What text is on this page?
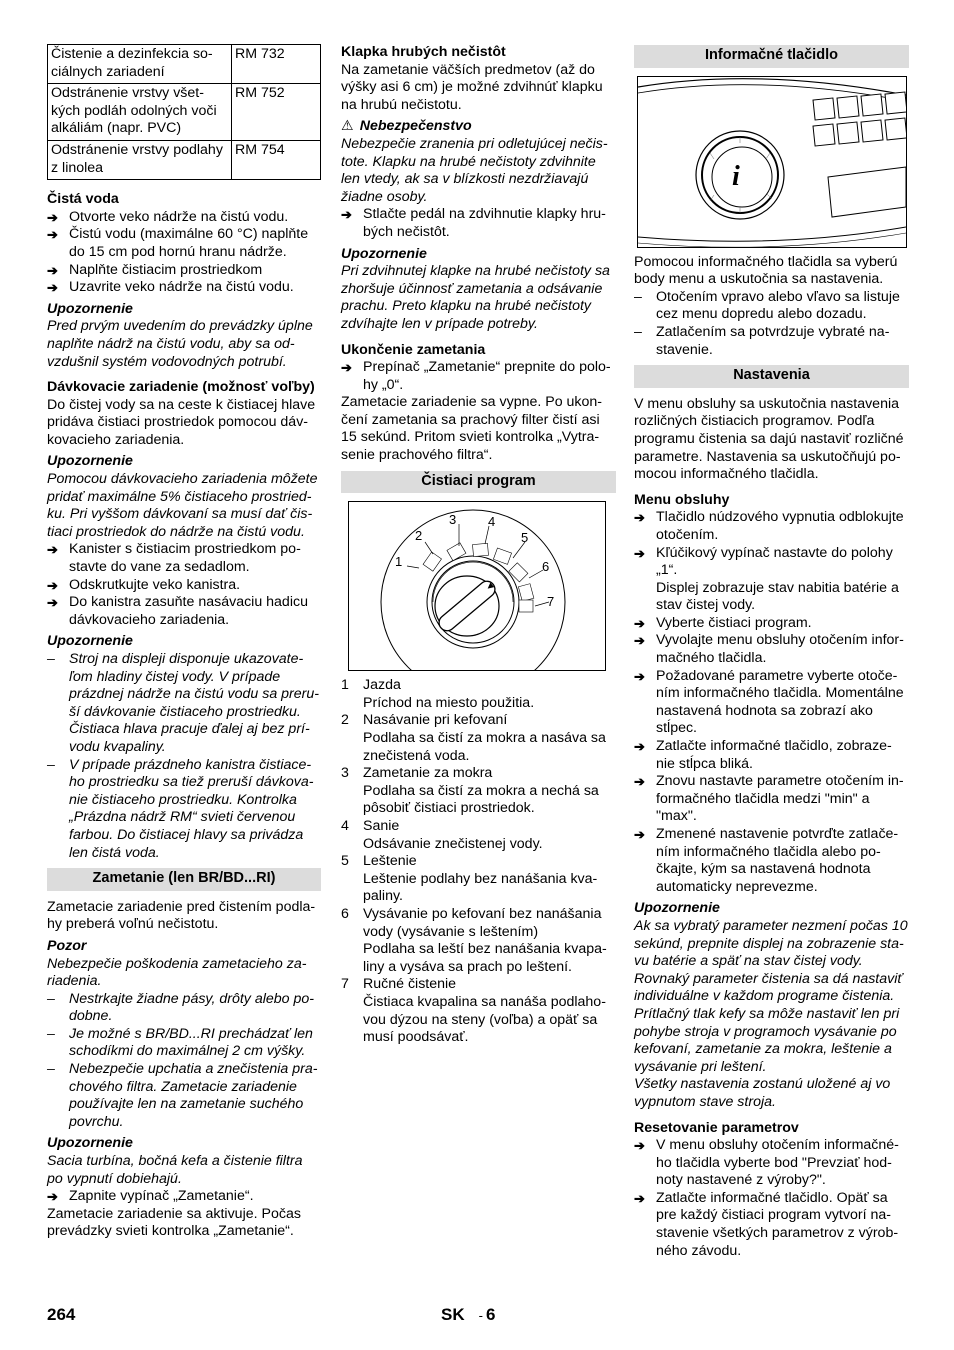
Čistenie a dezinfekcia so-
ciálnych zariadení	RM 732
Odstránenie vrstvy všet-
kých podláh odolných voči
alkáliám (napr. PVC)	RM 752
Odstránenie vrstvy podlahy
z linolea	RM 754
Čistá voda
➔ Otvorte veko nádrže na čistú vodu.
➔ Čistú vodu (maximálne 60 °C) naplňte
do 15 cm pod hornú hranu nádrže.
➔ Naplňte čistiacim prostriedkom
➔ Uzavrite veko nádrže na čistú vodu.
Upozornenie
Pred prvým uvedením do prevádzky úplne
naplňte nádrž na čistú vodu, aby sa od-
vzdušnil systém vodovodných potrubí.
Dávkovacie zariadenie (možnosť voľby)
Do čistej vody sa na ceste k čistiacej hlave
pridáva čistiaci prostriedok pomocou dáv-
kovacieho zariadenia.
Upozornenie
Pomocou dávkovacieho zariadenia môžete
pridať maximálne 5% čistiaceho prostried-
ku. Pri vyššom dávkovaní sa musí dať čis-
tiaci prostriedok do nádrže na čistú vodu.
➔ Kanister s čistiacim prostriedkom po-
stavte do vane za sedadlom.
➔ Odskrutkujte veko kanistra.
➔ Do kanistra zasuňte nasávaciu hadicu
dávkovacieho zariadenia.
Upozornenie
– Stroj na displeji disponuje ukazovate-
ľom hladiny čistej vody. V prípade
prázdnej nádrže na čistú vodu sa preru-
ší dávkovanie čistiaceho prostriedku.
Čistiaca hlava pracuje ďalej aj bez prí-
vodu kvapaliny.
– V prípade prázdneho kanistra čistiace-
ho prostriedku sa tiež preruší dávkova-
nie čistiaceho prostriedku. Kontrolka
„Prázdna nádrž RM“ svieti červenou
farbou. Do čistiacej hlavy sa privádza
len čistá voda.
Zametanie (len BR/BD...RI)
Zametacie zariadenie pred čistením podla-
hy preberá voľnú nečistotu.
Pozor
Nebezpečie poškodenia zametacieho za-
riadenia.
– Nestrkajte žiadne pásy, drôty alebo po-
dobne.
– Je možné s BR/BD...RI prechádzať len
schodíkmi do maximálnej 2 cm výšky.
– Nebezpečie upchatia a znečistenia pra-
chového filtra. Zametacie zariadenie
používajte len na zametanie suchého
povrchu.
Upozornenie
Sacia turbína, bočná kefa a čistenie filtra
po vypnutí dobiehajú.
➔ Zapnite vypínač „Zametanie“.
Zametacie zariadenie sa aktivuje. Počas
prevádzky svieti kontrolka „Zametanie“.
Klapka hrubých nečistôt
Na zametanie väčších predmetov (až do
výšky asi 6 cm) je možné zdvihnúť klapku
na hrubú nečistotu.
⚠ Nebezpečenstvo
Nebezpečie zranenia pri odletujúcej nečis-
tote. Klapku na hrubé nečistoty zdvihnite
len vtedy, ak sa v blízkosti nezdržiavajú
žiadne osoby.
➔ Stlačte pedál na zdvihnutie klapky hru-
bých nečistôt.
Upozornenie
Pri zdvihnutej klapke na hrubé nečistoty sa
zhoršuje účinnosť zametania a odsávanie
prachu. Preto klapku na hrubé nečistoty
zdvíhajte len v prípade potreby.
Ukončenie zametania
➔ Prepínač „Zametanie“ prepnite do polo-
hy „0“.
Zametacie zariadenie sa vypne. Po ukon-
čení zametania sa prachový filter čistí asi
15 sekúnd. Pritom svieti kontrolka „Vytra-
senie prachového filtra“.
Čistiaci program
1
2
3 4
5
6
7
1 Jazda
Príchod na miesto použitia.
2 Nasávanie pri kefovaní
Podlaha sa čistí za mokra a nasáva sa
znečistená voda.
3 Zametanie za mokra
Podlaha sa čistí za mokra a nechá sa
pôsobiť čistiaci prostriedok.
4 Sanie
Odsávanie znečistenej vody.
5 Leštenie
Leštenie podlahy bez nanášania kva-
paliny.
6 Vysávanie po kefovaní bez nanášania
vody (vysávanie s leštením)
Podlaha sa leští bez nanášania kvapa-
liny a vysáva sa prach po leštení.
7 Ručné čistenie
Čistiaca kvapalina sa nanáša podlaho-
vou dýzou na steny (voľba) a opäť sa
musí poodsávať.
Informačné tlačidlo
i
Pomocou informačného tlačidla sa vyberú
body menu a uskutočnia sa nastavenia.
– Otočením vpravo alebo vľavo sa listuje
cez menu dopredu alebo dozadu.
– Zatlačením sa potvrdzuje vybraté na-
stavenie.
Nastavenia
V menu obsluhy sa uskutočnia nastavenia
rozličných čistiacich programov. Podľa
programu čistenia sa dajú nastaviť rozličné
parametre. Nastavenia sa uskutočňujú po-
mocou informačného tlačidla.
Menu obsluhy
➔ Tlačidlo núdzového vypnutia odblokujte
otočením.
➔ Kľúčikový vypínač nastavte do polohy
„1“.
Displej zobrazuje stav nabitia batérie a
stav čistej vody.
➔ Vyberte čistiaci program.
➔ Vyvolajte menu obsluhy otočením infor-
mačného tlačidla.
➔ Požadované parametre vyberte otoče-
ním informačného tlačidla. Momentálne
nastavená hodnota sa zobrazí ako
stĺpec.
➔ Zatlačte informačné tlačidlo, zobraze-
nie stĺpca bliká.
➔ Znovu nastavte parametre otočením in-
formačného tlačidla medzi "min" a
"max".
➔ Zmenené nastavenie potvrďte zatlače-
ním informačného tlačidla alebo po-
čkajte, kým sa nastavená hodnota
automaticky neprevezme.
Upozornenie
Ak sa vybratý parameter nezmení počas 10
sekúnd, prepnite displej na zobrazenie sta-
vu batérie a späť na stav čistej vody.
Rovnaký parameter čistenia sa dá nastaviť
individuálne v každom programe čistenia.
Prítlačný tlak kefy sa môže nastaviť len pri
pohybe stroja v programoch vysávanie po
kefovaní, zametanie za mokra, leštenie a
vysávanie pri leštení.
Všetky nastavenia zostanú uložené aj vo
vypnutom stave stroja.
Resetovanie parametrov
➔ V menu obsluhy otočením informačné-
ho tlačidla vyberte bod "Prevziať hod-
noty nastavené z výroby?".
➔ Zatlačte informačné tlačidlo. Opäť sa
pre každý čistiaci program vytvorí na-
stavenie všetkých parametrov z výrob-
ného závodu.
264	SK - 6
